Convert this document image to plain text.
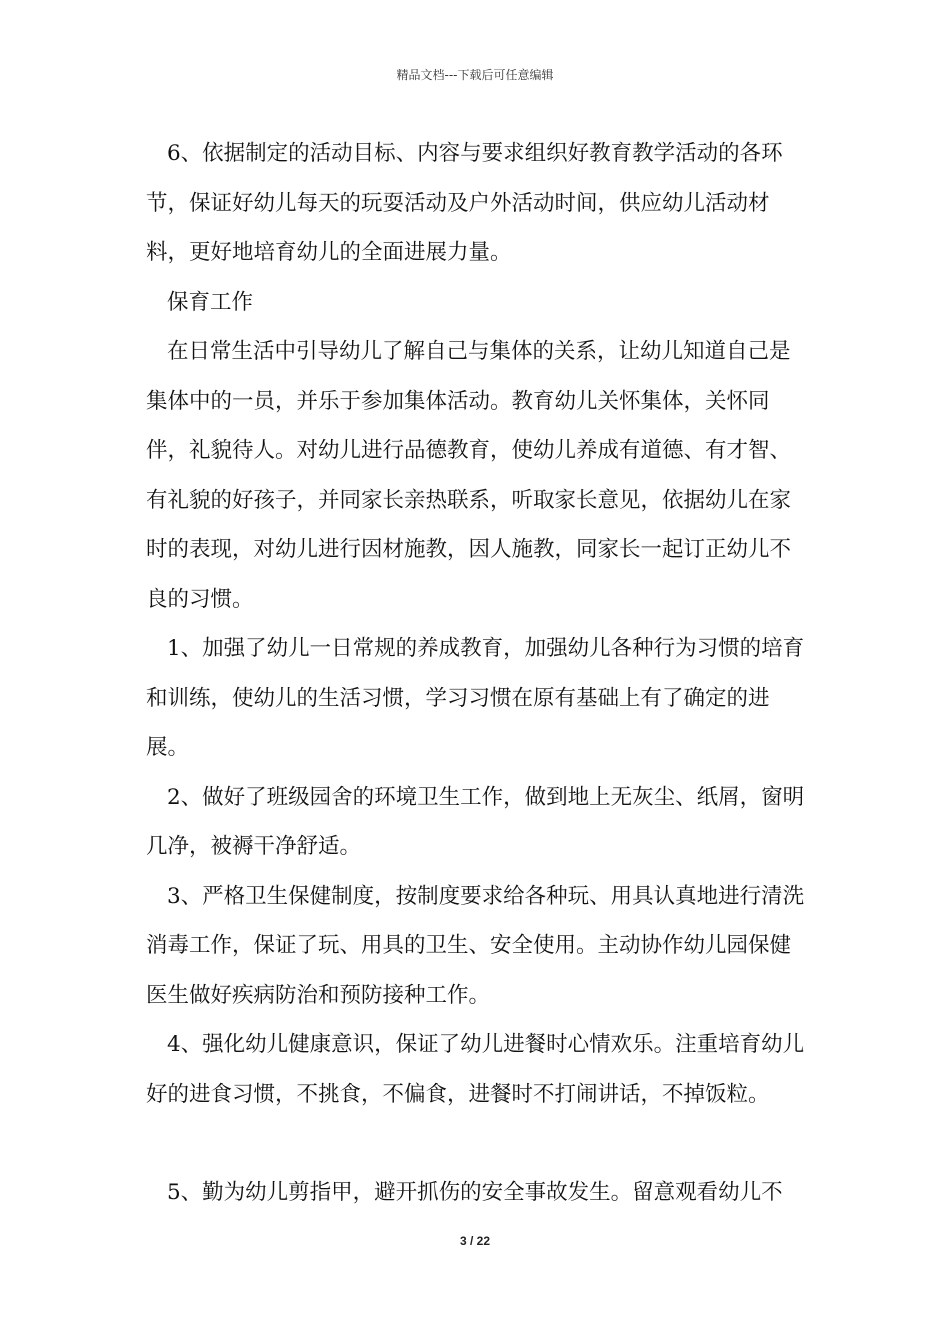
精品文档---下载后可任意编辑

6、依据制定的活动目标、内容与要求组织好教育教学活动的各环节，保证好幼儿每天的玩耍活动及户外活动时间，供应幼儿活动材料，更好地培育幼儿的全面进展力量。

保育工作

在日常生活中引导幼儿了解自己与集体的关系，让幼儿知道自己是集体中的一员，并乐于参加集体活动。教育幼儿关怀集体，关怀同伴，礼貌待人。对幼儿进行品德教育，使幼儿养成有道德、有才智、有礼貌的好孩子，并同家长亲热联系，听取家长意见，依据幼儿在家时的表现，对幼儿进行因材施教，因人施教，同家长一起订正幼儿不良的习惯。

1、加强了幼儿一日常规的养成教育，加强幼儿各种行为习惯的培育和训练，使幼儿的生活习惯，学习习惯在原有基础上有了确定的进展。

2、做好了班级园舍的环境卫生工作，做到地上无灰尘、纸屑，窗明几净，被褥干净舒适。

3、严格卫生保健制度，按制度要求给各种玩、用具认真地进行清洗消毒工作，保证了玩、用具的卫生、安全使用。主动协作幼儿园保健医生做好疾病防治和预防接种工作。

4、强化幼儿健康意识，保证了幼儿进餐时心情欢乐。注重培育幼儿好的进食习惯，不挑食，不偏食，进餐时不打闹讲话，不掉饭粒。

5、勤为幼儿剪指甲，避开抓伤的安全事故发生。留意观看幼儿不

3 / 22
